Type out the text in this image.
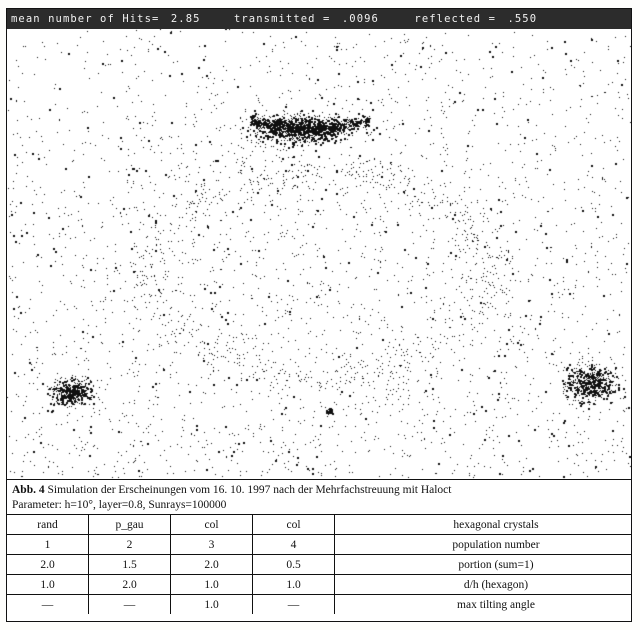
mean number of Hits= 2.85	transmitted = .0096	reflected = .550
Abb. 4 Simulation der Erscheinungen vom 16. 10. 1997 nach der Mehrfachstreuung mit Haloct
Parameter: h=10°, layer=0.8, Sunrays=100000
rand	p_gau	col	col	hexagonal crystals
1	2	3	4	population number
2.0	1.5	2.0	0.5	portion (sum=1)
1.0	2.0	1.0	1.0	d/h (hexagon)
—	—	1.0	—	max tilting angle
